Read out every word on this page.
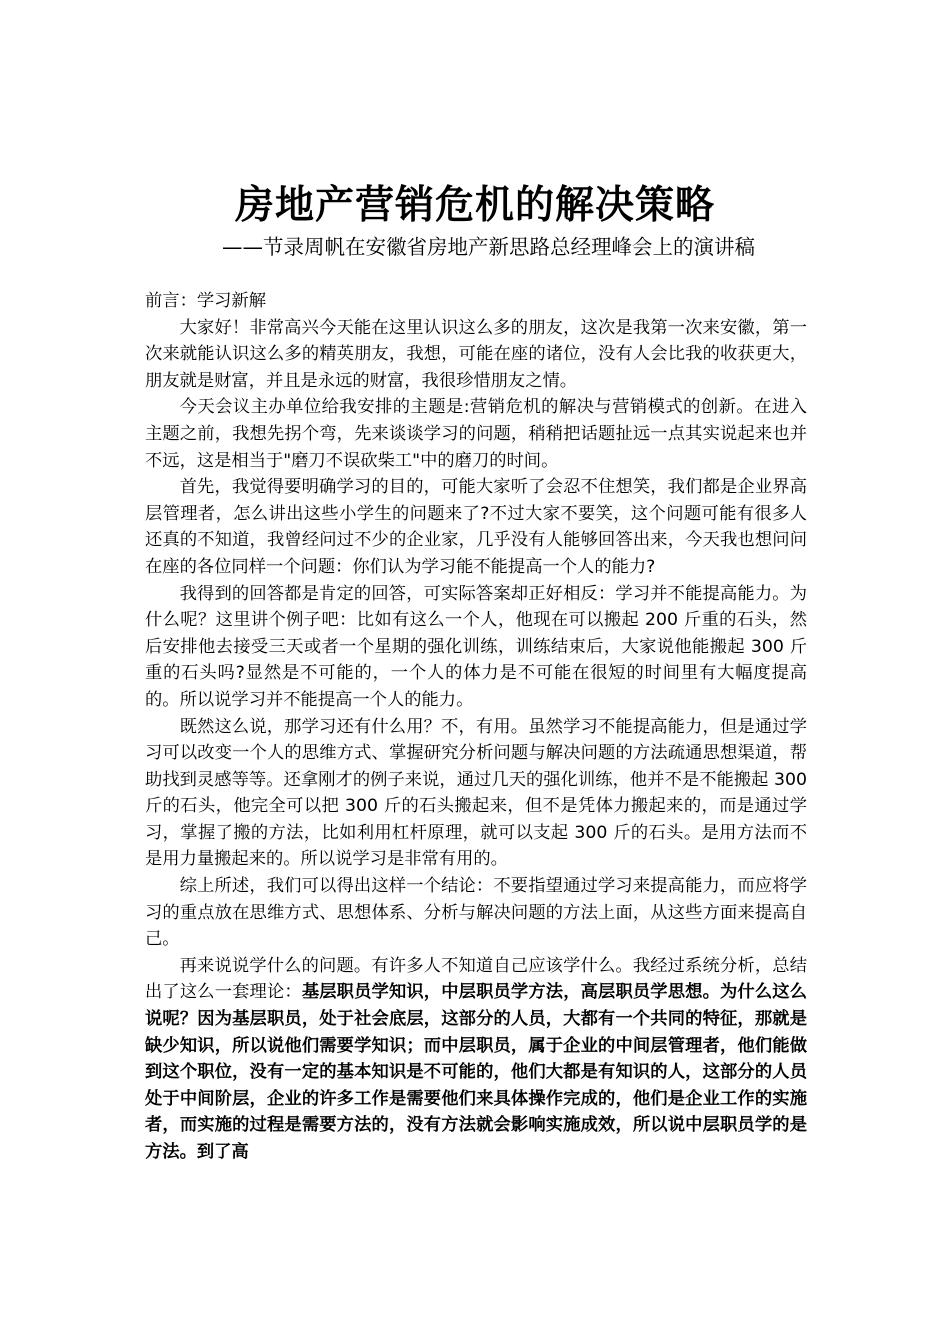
房地产营销危机的解决策略
——节录周帆在安徽省房地产新思路总经理峰会上的演讲稿

前言：学习新解

大家好！非常高兴今天能在这里认识这么多的朋友，这次是我第一次来安徽，第一次来就能认识这么多的精英朋友，我想，可能在座的诸位，没有人会比我的收获更大，朋友就是财富，并且是永远的财富，我很珍惜朋友之情。

今天会议主办单位给我安排的主题是:营销危机的解决与营销模式的创新。在进入主题之前，我想先拐个弯，先来谈谈学习的问题，稍稍把话题扯远一点其实说起来也并不远，这是相当于"磨刀不误砍柴工"中的磨刀的时间。

首先，我觉得要明确学习的目的，可能大家听了会忍不住想笑，我们都是企业界高层管理者，怎么讲出这些小学生的问题来了?不过大家不要笑，这个问题可能有很多人还真的不知道，我曾经问过不少的企业家，几乎没有人能够回答出来，今天我也想问问在座的各位同样一个问题：你们认为学习能不能提高一个人的能力?

我得到的回答都是肯定的回答，可实际答案却正好相反：学习并不能提高能力。为什么呢？这里讲个例子吧：比如有这么一个人，他现在可以搬起 200 斤重的石头，然后安排他去接受三天或者一个星期的强化训练，训练结束后，大家说他能搬起 300 斤重的石头吗?显然是不可能的，一个人的体力是不可能在很短的时间里有大幅度提高的。所以说学习并不能提高一个人的能力。

既然这么说，那学习还有什么用？不，有用。虽然学习不能提高能力，但是通过学习可以改变一个人的思维方式、掌握研究分析问题与解决问题的方法疏通思想渠道，帮助找到灵感等等。还拿刚才的例子来说，通过几天的强化训练，他并不是不能搬起 300 斤的石头，他完全可以把 300 斤的石头搬起来，但不是凭体力搬起来的，而是通过学习，掌握了搬的方法，比如利用杠杆原理，就可以支起 300 斤的石头。是用方法而不是用力量搬起来的。所以说学习是非常有用的。

综上所述，我们可以得出这样一个结论：不要指望通过学习来提高能力，而应将学习的重点放在思维方式、思想体系、分析与解决问题的方法上面，从这些方面来提高自己。

再来说说学什么的问题。有许多人不知道自己应该学什么。我经过系统分析，总结出了这么一套理论：基层职员学知识，中层职员学方法，高层职员学思想。为什么这么说呢？因为基层职员，处于社会底层，这部分的人员，大都有一个共同的特征，那就是缺少知识，所以说他们需要学知识；而中层职员，属于企业的中间层管理者，他们能做到这个职位，没有一定的基本知识是不可能的，他们大都是有知识的人，这部分的人员处于中间阶层，企业的许多工作是需要他们来具体操作完成的，他们是企业工作的实施者，而实施的过程是需要方法的，没有方法就会影响实施成效，所以说中层职员学的是方法。到了高
